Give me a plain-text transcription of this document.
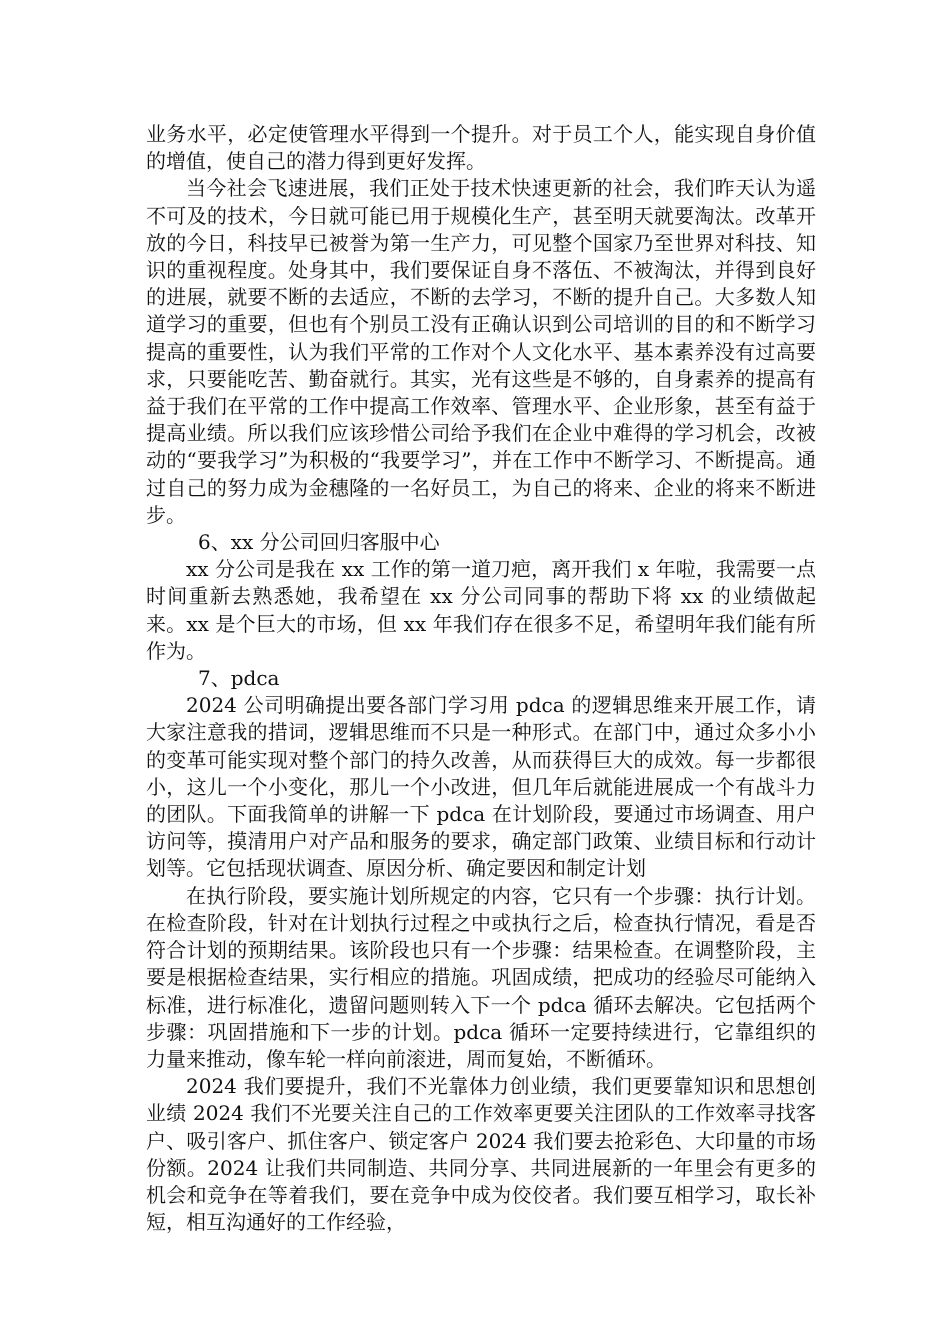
业务水平，必定使管理水平得到一个提升。对于员工个人，能实现自身价值的增值，使自己的潜力得到更好发挥。

当今社会飞速进展，我们正处于技术快速更新的社会，我们昨天认为遥不可及的技术，今日就可能已用于规模化生产，甚至明天就要淘汰。改革开放的今日，科技早已被誉为第一生产力，可见整个国家乃至世界对科技、知识的重视程度。处身其中，我们要保证自身不落伍、不被淘汰，并得到良好的进展，就要不断的去适应，不断的去学习，不断的提升自己。大多数人知道学习的重要，但也有个别员工没有正确认识到公司培训的目的和不断学习提高的重要性，认为我们平常的工作对个人文化水平、基本素养没有过高要求，只要能吃苦、勤奋就行。其实，光有这些是不够的，自身素养的提高有益于我们在平常的工作中提高工作效率、管理水平、企业形象，甚至有益于提高业绩。所以我们应该珍惜公司给予我们在企业中难得的学习机会，改被动的“要我学习”为积极的“我要学习”，并在工作中不断学习、不断提高。通过自己的努力成为金穗隆的一名好员工，为自己的将来、企业的将来不断进步。

6、xx 分公司回归客服中心

xx 分公司是我在 xx 工作的第一道刀疤，离开我们 x 年啦，我需要一点时间重新去熟悉她，我希望在 xx 分公司同事的帮助下将 xx 的业绩做起来。xx 是个巨大的市场，但 xx 年我们存在很多不足，希望明年我们能有所作为。

7、pdca

2024 公司明确提出要各部门学习用 pdca 的逻辑思维来开展工作，请大家注意我的措词，逻辑思维而不只是一种形式。在部门中，通过众多小小的变革可能实现对整个部门的持久改善，从而获得巨大的成效。每一步都很小，这儿一个小变化，那儿一个小改进，但几年后就能进展成一个有战斗力的团队。下面我简单的讲解一下 pdca 在计划阶段，要通过市场调查、用户访问等，摸清用户对产品和服务的要求，确定部门政策、业绩目标和行动计划等。它包括现状调查、原因分析、确定要因和制定计划

在执行阶段，要实施计划所规定的内容，它只有一个步骤：执行计划。在检查阶段，针对在计划执行过程之中或执行之后，检查执行情况，看是否符合计划的预期结果。该阶段也只有一个步骤：结果检查。在调整阶段，主要是根据检查结果，实行相应的措施。巩固成绩，把成功的经验尽可能纳入标准，进行标准化，遗留问题则转入下一个 pdca 循环去解决。它包括两个步骤：巩固措施和下一步的计划。pdca 循环一定要持续进行，它靠组织的力量来推动，像车轮一样向前滚进，周而复始，不断循环。

2024 我们要提升，我们不光靠体力创业绩，我们更要靠知识和思想创业绩 2024 我们不光要关注自己的工作效率更要关注团队的工作效率寻找客户、吸引客户、抓住客户、锁定客户 2024 我们要去抢彩色、大印量的市场份额。2024 让我们共同制造、共同分享、共同进展新的一年里会有更多的机会和竞争在等着我们，要在竞争中成为佼佼者。我们要互相学习，取长补短，相互沟通好的工作经验，
